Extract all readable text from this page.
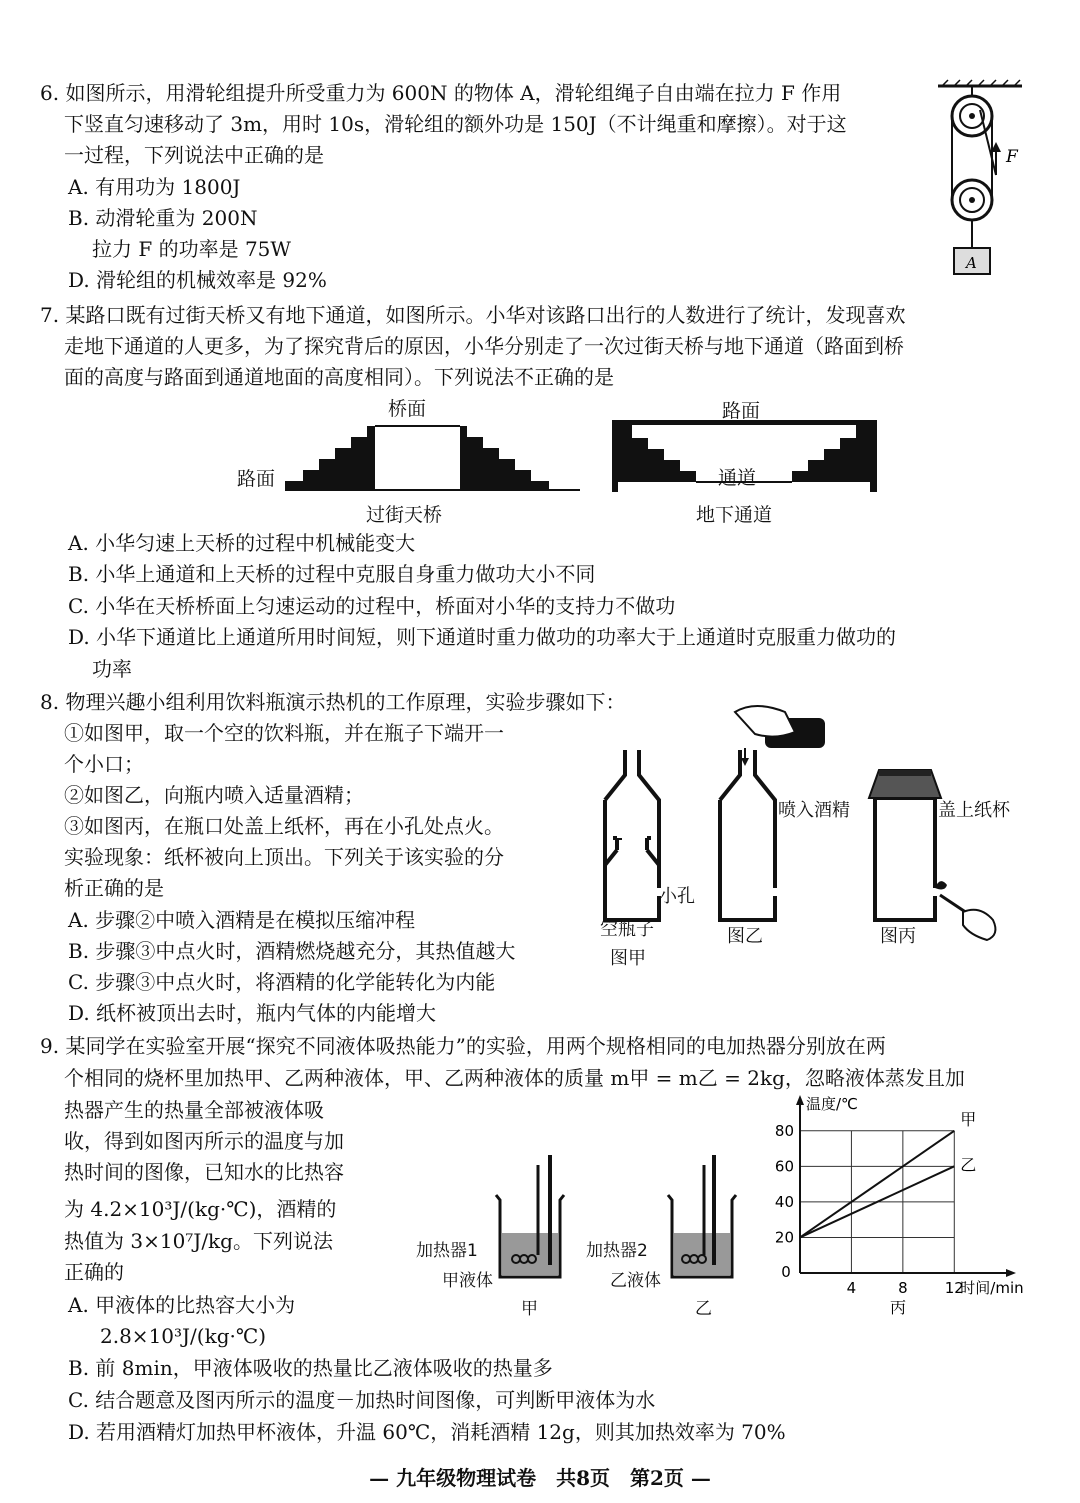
6. 如图所示，用滑轮组提升所受重力为 600N 的物体 A，滑轮组绳子自由端在拉力 F 作用
下竖直匀速移动了 3m，用时 10s，滑轮组的额外功是 150J（不计绳重和摩擦）。对于这
一过程，下列说法中正确的是
A. 有用功为 1800J
B. 动滑轮重为 200N
拉力 F 的功率是 75W
D. 滑轮组的机械效率是 92%
F
A
7. 某路口既有过街天桥又有地下通道，如图所示。小华对该路口出行的人数进行了统计，发现喜欢
走地下通道的人更多，为了探究背后的原因，小华分别走了一次过街天桥与地下通道（路面到桥
面的高度与路面到通道地面的高度相同）。下列说法不正确的是
桥面
路面
过街天桥
路面
通道
地下通道
A. 小华匀速上天桥的过程中机械能变大
B. 小华上通道和上天桥的过程中克服自身重力做功大小不同
C. 小华在天桥桥面上匀速运动的过程中，桥面对小华的支持力不做功
D. 小华下通道比上通道所用时间短，则下通道时重力做功的功率大于上通道时克服重力做功的
功率
8. 物理兴趣小组利用饮料瓶演示热机的工作原理，实验步骤如下：
①如图甲，取一个空的饮料瓶，并在瓶子下端开一
个小口；
②如图乙，向瓶内喷入适量酒精；
③如图丙，在瓶口处盖上纸杯，再在小孔处点火。
实验现象：纸杯被向上顶出。下列关于该实验的分
析正确的是
A. 步骤②中喷入酒精是在模拟压缩冲程
B. 步骤③中点火时，酒精燃烧越充分，其热值越大
C. 步骤③中点火时，将酒精的化学能转化为内能
D. 纸杯被顶出去时，瓶内气体的内能增大
小孔
空瓶子
图甲
喷入酒精
图乙
盖上纸杯
图丙
9. 某同学在实验室开展“探究不同液体吸热能力”的实验，用两个规格相同的电加热器分别放在两
个相同的烧杯里加热甲、乙两种液体，甲、乙两种液体的质量 m甲 = m乙 = 2kg，忽略液体蒸发且加
热器产生的热量全部被液体吸
收，得到如图丙所示的温度与加
热时间的图像，已知水的比热容
为 4.2×10³J/(kg·℃)，酒精的
热值为 3×10⁷J/kg。下列说法
正确的
A. 甲液体的比热容大小为
2.8×10³J/(kg·℃)
B. 前 8min，甲液体吸收的热量比乙液体吸收的热量多
C. 结合题意及图丙所示的温度－加热时间图像，可判断甲液体为水
D. 若用酒精灯加热甲杯液体，升温 60℃，消耗酒精 12g，则其加热效率为 70%
加热器1
甲液体
甲
加热器2
乙液体
乙
20
40
60
80
0
4	8 12
温度/℃
时间/min
丙
甲
乙
— 九年级物理试卷　共8页　第2页 —
